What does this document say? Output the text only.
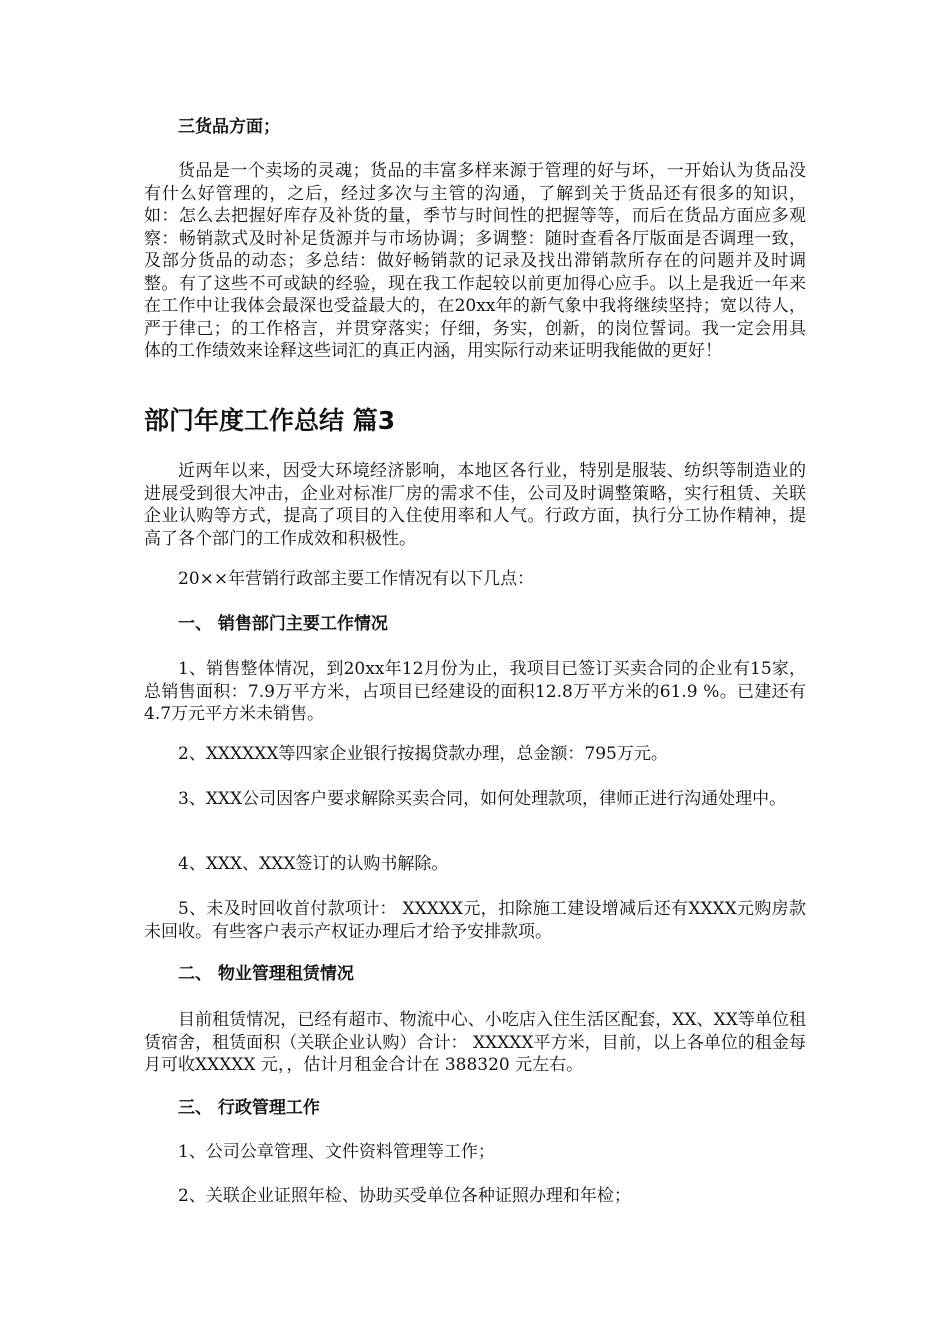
三货品方面；

货品是一个卖场的灵魂；货品的丰富多样来源于管理的好与坏，一开始认为货品没有什么好管理的，之后，经过多次与主管的沟通，了解到关于货品还有很多的知识，如：怎么去把握好库存及补货的量，季节与时间性的把握等等，而后在货品方面应多观察：畅销款式及时补足货源并与市场协调；多调整：随时查看各厅版面是否调理一致，及部分货品的动态；多总结：做好畅销款的记录及找出滞销款所存在的问题并及时调整。有了这些不可或缺的经验，现在我工作起较以前更加得心应手。以上是我近一年来在工作中让我体会最深也受益最大的，在20xx年的新气象中我将继续坚持；宽以待人，严于律己；的工作格言，并贯穿落实；仔细，务实，创新，的岗位誓词。我一定会用具体的工作绩效来诠释这些词汇的真正内涵，用实际行动来证明我能做的更好！

部门年度工作总结 篇3

近两年以来，因受大环境经济影响，本地区各行业，特别是服装、纺织等制造业的进展受到很大冲击，企业对标准厂房的需求不佳，公司及时调整策略，实行租赁、关联企业认购等方式，提高了项目的入住使用率和人气。行政方面，执行分工协作精神，提高了各个部门的工作成效和积极性。

20××年营销行政部主要工作情况有以下几点：

一、 销售部门主要工作情况

1、销售整体情况，到20xx年12月份为止，我项目已签订买卖合同的企业有15家，总销售面积：7.9万平方米，占项目已经建设的面积12.8万平方米的61.9 %。已建还有4.7万元平方米未销售。

2、XXXXXX等四家企业银行按揭贷款办理，总金额：795万元。

3、XXX公司因客户要求解除买卖合同，如何处理款项，律师正进行沟通处理中。

4、XXX、XXX签订的认购书解除。

5、未及时回收首付款项计： XXXXX元，扣除施工建设增减后还有XXXX元购房款未回收。有些客户表示产权证办理后才给予安排款项。

二、 物业管理租赁情况

目前租赁情况，已经有超市、物流中心、小吃店入住生活区配套，XX、XX等单位租赁宿舍，租赁面积（关联企业认购）合计： XXXXX平方米，目前，以上各单位的租金每月可收XXXXX 元，，估计月租金合计在 388320 元左右。

三、 行政管理工作

1、公司公章管理、文件资料管理等工作；

2、关联企业证照年检、协助买受单位各种证照办理和年检；
